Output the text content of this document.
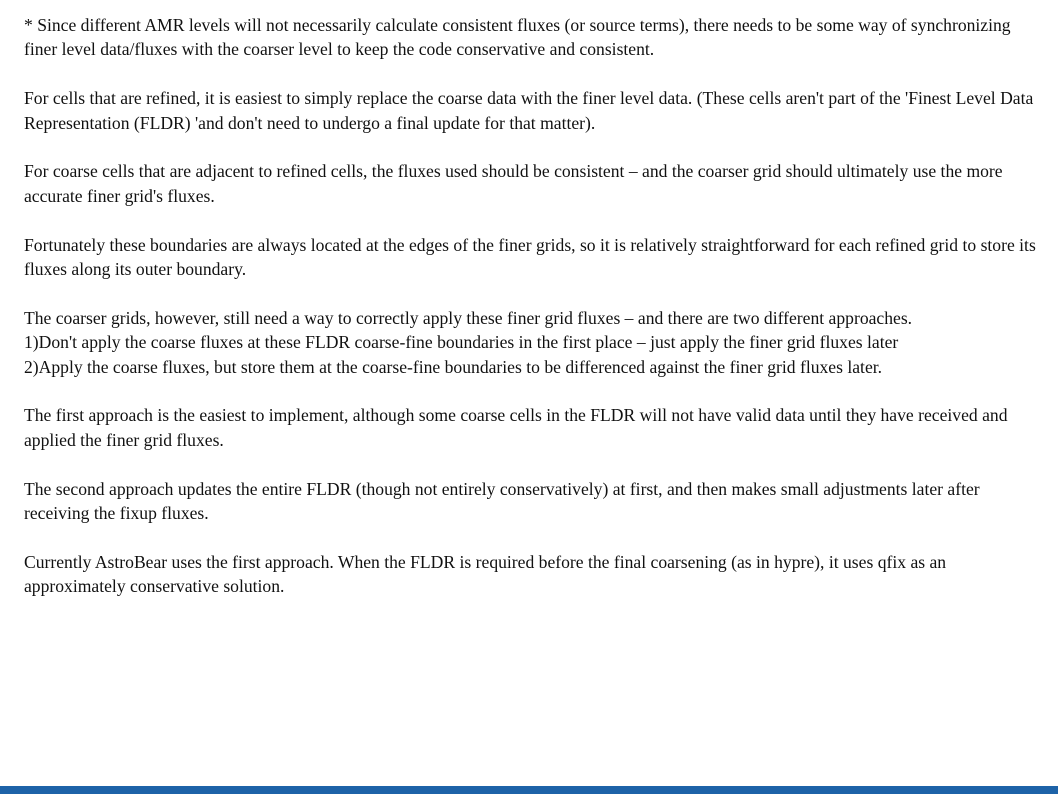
* Since different AMR levels will not necessarily calculate consistent fluxes (or source terms), there needs to be some way of synchronizing finer level data/fluxes with the coarser level to keep the code conservative and consistent.

For cells that are refined, it is easiest to simply replace the coarse data with the finer level data. (These cells aren't part of the 'Finest Level Data Representation (FLDR) 'and don't need to undergo a final update for that matter).

For coarse cells that are adjacent to refined cells, the fluxes used should be consistent – and the coarser grid should ultimately use the more accurate finer grid's fluxes.

Fortunately these boundaries are always located at the edges of the finer grids, so it is relatively straightforward for each refined grid to store its fluxes along its outer boundary.

The coarser grids, however, still need a way to correctly apply these finer grid fluxes – and there are two different approaches.

1)Don't apply the coarse fluxes at these FLDR coarse-fine boundaries in the first place – just apply the finer grid fluxes later

2)Apply the coarse fluxes, but store them at the coarse-fine boundaries to be differenced against the finer grid fluxes later.

The first approach is the easiest to implement, although some coarse cells in the FLDR will not have valid data until they have received and applied the finer grid fluxes.

The second approach updates the entire FLDR (though not entirely conservatively) at first, and then makes small adjustments later after receiving the fixup fluxes.

Currently AstroBear uses the first approach. When the FLDR is required before the final coarsening (as in hypre), it uses qfix as an approximately conservative solution.
